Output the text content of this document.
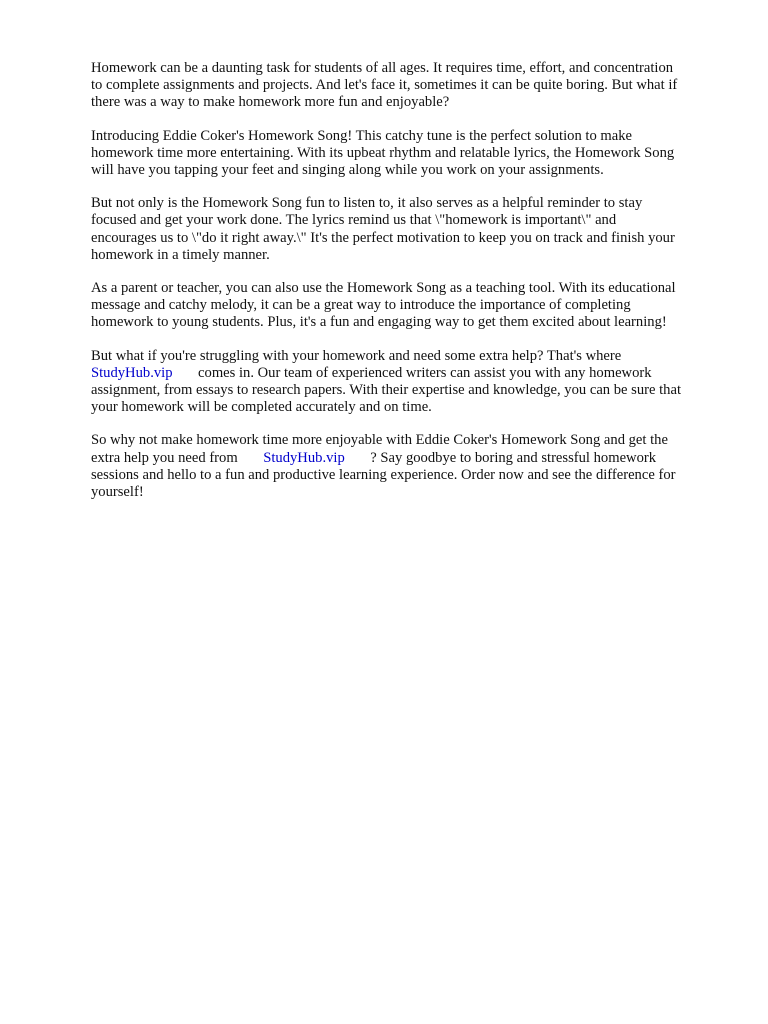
Homework can be a daunting task for students of all ages. It requires time, effort, and concentration
to complete assignments and projects. And let's face it, sometimes it can be quite boring. But what if
there was a way to make homework more fun and enjoyable?

Introducing Eddie Coker's Homework Song! This catchy tune is the perfect solution to make
homework time more entertaining. With its upbeat rhythm and relatable lyrics, the Homework Song
will have you tapping your feet and singing along while you work on your assignments.

But not only is the Homework Song fun to listen to, it also serves as a helpful reminder to stay
focused and get your work done. The lyrics remind us that \"homework is important\" and
encourages us to \"do it right away.\" It's the perfect motivation to keep you on track and finish your
homework in a timely manner.

As a parent or teacher, you can also use the Homework Song as a teaching tool. With its educational
message and catchy melody, it can be a great way to introduce the importance of completing
homework to young students. Plus, it's a fun and engaging way to get them excited about learning!

But what if you're struggling with your homework and need some extra help? That's where
StudyHub.vip comes in. Our team of experienced writers can assist you with any homework
assignment, from essays to research papers. With their expertise and knowledge, you can be sure that
your homework will be completed accurately and on time.

So why not make homework time more enjoyable with Eddie Coker's Homework Song and get the
extra help you need from StudyHub.vip ? Say goodbye to boring and stressful homework
sessions and hello to a fun and productive learning experience. Order now and see the difference for
yourself!
